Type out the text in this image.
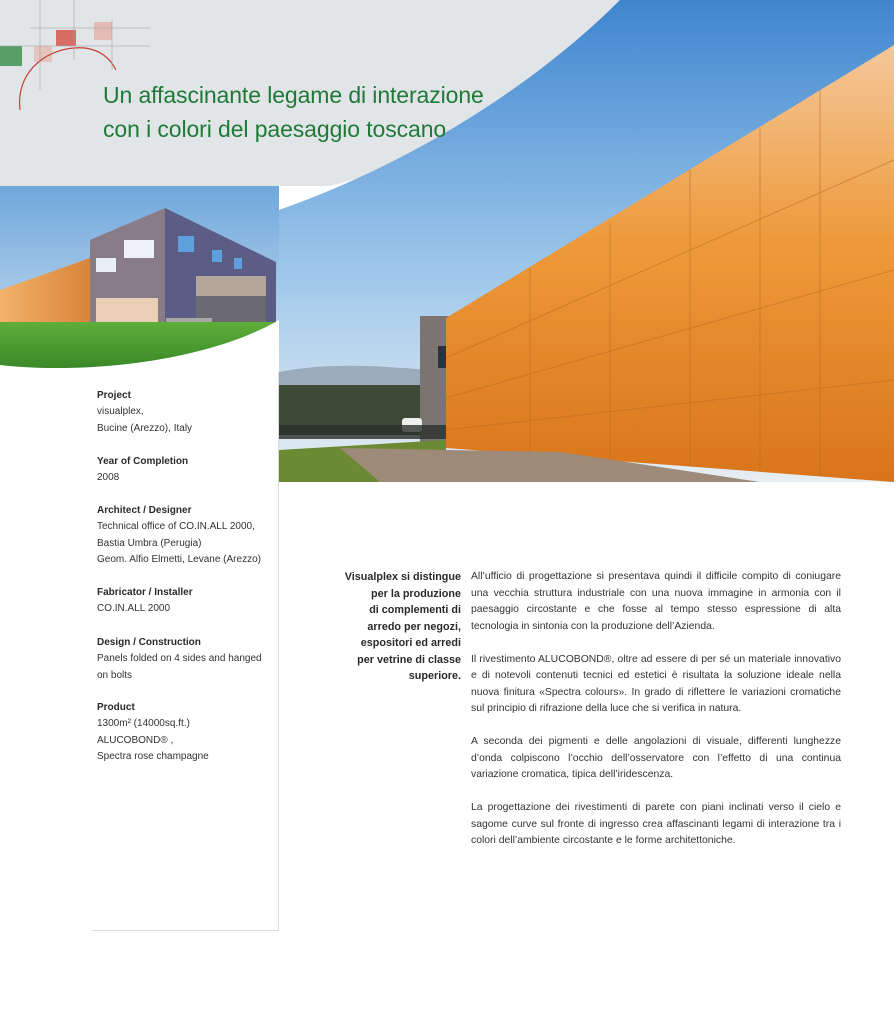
Un affascinante legame di interazione
con i colori del paesaggio toscano
Project
visualplex,
Bucine (Arezzo), Italy
Year of Completion
2008
Architect / Designer
Technical office of CO.IN.ALL 2000,
Bastia Umbra (Perugia)
Geom. Alfio Elmetti, Levane (Arezzo)
Fabricator / Installer
CO.IN.ALL 2000
Design / Construction
Panels folded on 4 sides and hanged
on bolts
Product
1300m² (14000sq.ft.)
ALUCOBOND® ,
Spectra rose champagne
Visualplex si distingue
per la produzione
di complementi di
arredo per negozi,
espositori ed arredi
per vetrine di classe
superiore.

All’ufficio di progettazione si presentava quindi il difficile compito di coniugare una vecchia struttura industriale con una nuova immagine in armonia con il paesaggio circostante e che fosse al tempo stesso espressione di alta tecnologia in sintonia con la produzione dell’Azienda.

Il rivestimento ALUCOBOND®, oltre ad essere di per sé un materiale innovativo e di notevoli contenuti tecnici ed estetici è risultata la soluzione ideale nella nuova finitura «Spectra colours». In grado di riflettere le variazioni cromatiche sul principio di rifrazione della luce che si verifica in natura.

A seconda dei pigmenti e delle angolazioni di visuale, differenti lunghezze d’onda colpiscono l’occhio dell’osservatore con l’effetto di una continua variazione cromatica, tipica dell’iridescenza.

La progettazione dei rivestimenti di parete con piani inclinati verso il cielo e sagome curve sul fronte di ingresso crea affascinanti legami di interazione tra i colori dell’ambiente circostante e le forme architettoniche.
